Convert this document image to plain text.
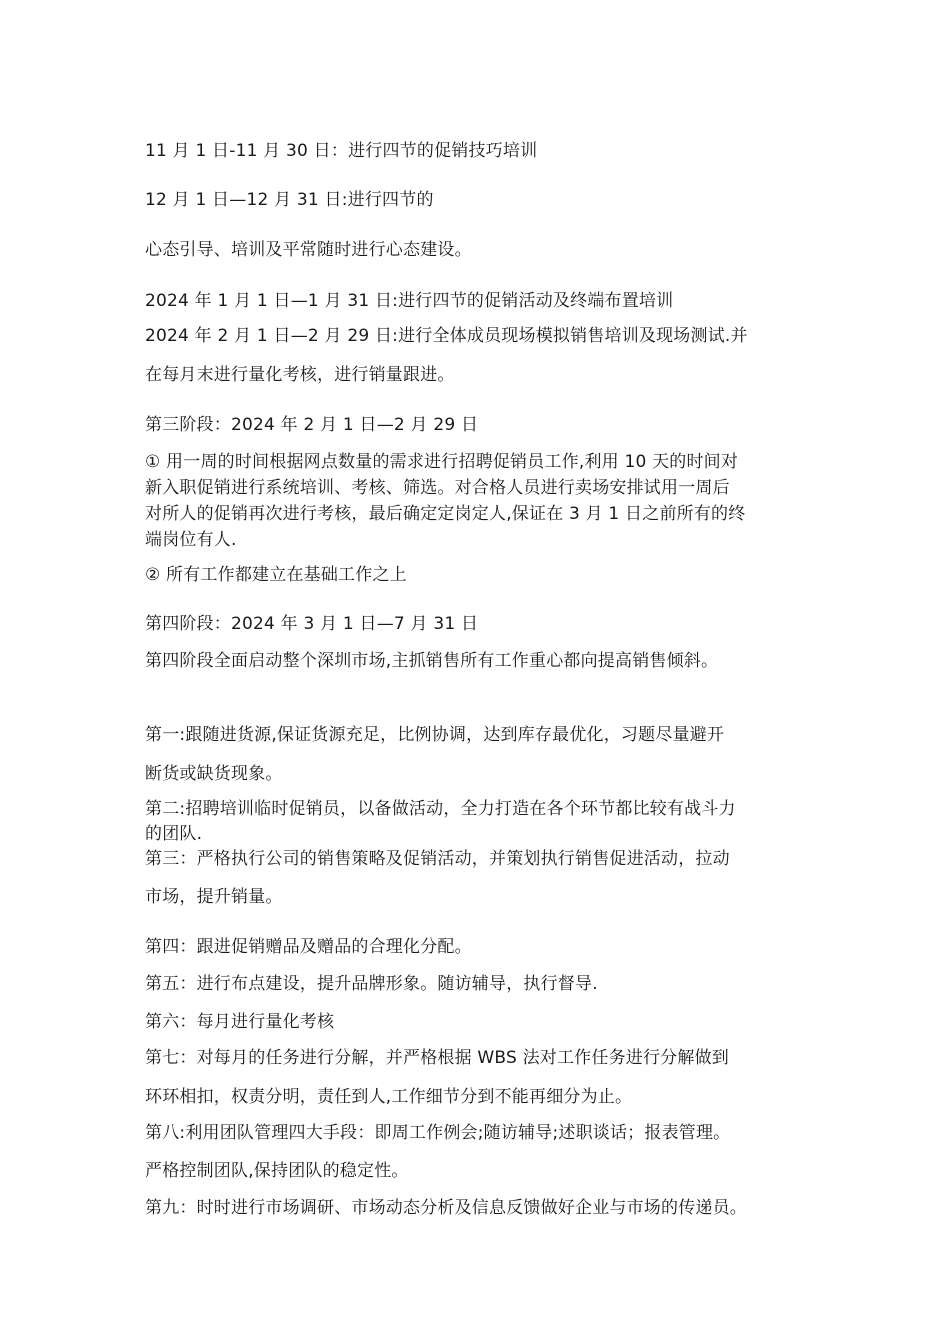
11 月 1 日-11 月 30 日：进行四节的促销技巧培训
12 月 1 日—12 月 31 日:进行四节的
心态引导、培训及平常随时进行心态建设。
2024 年 1 月 1 日—1 月 31 日:进行四节的促销活动及终端布置培训
2024 年 2 月 1 日—2 月 29 日:进行全体成员现场模拟销售培训及现场测试.并
在每月末进行量化考核，进行销量跟进。
第三阶段：2024 年 2 月 1 日—2 月 29 日
① 用一周的时间根据网点数量的需求进行招聘促销员工作,利用 10 天的时间对
新入职促销进行系统培训、考核、筛选。对合格人员进行卖场安排试用一周后
对所人的促销再次进行考核，最后确定定岗定人,保证在 3 月 1 日之前所有的终
端岗位有人.
② 所有工作都建立在基础工作之上
第四阶段：2024 年 3 月 1 日—7 月 31 日
第四阶段全面启动整个深圳市场,主抓销售所有工作重心都向提高销售倾斜。
第一:跟随进货源,保证货源充足，比例协调，达到库存最优化，习题尽量避开
断货或缺货现象。
第二:招聘培训临时促销员，以备做活动，全力打造在各个环节都比较有战斗力
的团队.
第三：严格执行公司的销售策略及促销活动，并策划执行销售促进活动，拉动
市场，提升销量。
第四：跟进促销赠品及赠品的合理化分配。
第五：进行布点建设，提升品牌形象。随访辅导，执行督导.
第六：每月进行量化考核
第七：对每月的任务进行分解，并严格根据 WBS 法对工作任务进行分解做到
环环相扣，权责分明，责任到人,工作细节分到不能再细分为止。
第八:利用团队管理四大手段：即周工作例会;随访辅导;述职谈话；报表管理。
严格控制团队,保持团队的稳定性。
第九：时时进行市场调研、市场动态分析及信息反馈做好企业与市场的传递员。
